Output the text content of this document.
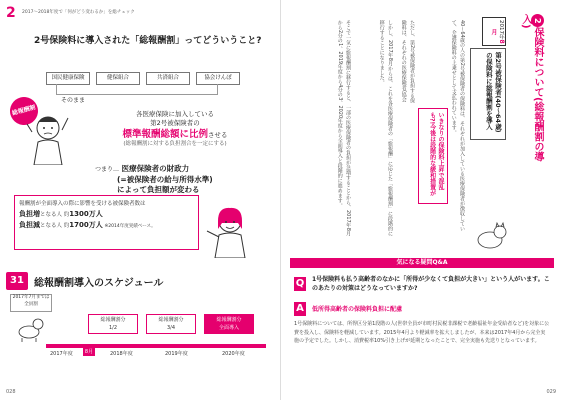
2 2017～2018年度で「何がどう変わるか」を総チェック
2号保険料に導入された「総報酬割」ってどういうこと?
国民健康保険	健保組合	共済組合	協会けんぽ
そのまま
総報酬割	各医療保険に加入している
第2号被保険者の
標準報酬総額に比例させる
(総報酬割に対する負担割合を一定にする)
つまり… 医療保険者の財政力
(=被保険者の給与所得水準)
によって負担額が変わる
報酬割が全面導入の際に影響を受ける被保険者数は
負担増となる人 約1300万人
負担減となる人 約1700万人 ※2014年度実績ベース。
31	総報酬割導入のスケジュール
2017年7月までは全員割
総報酬割分
1/2
総報酬割分
3/4
総報酬割分
全面導入
8月
2017年度	2018年度	2019年度	2020年度
028
2保険料について(総報酬割の導入)
2017年8月
第2号被保険者(40〜64歳)の保険料に総報酬割を導入
40〜64歳の人の第2号被保険者の保険料は、それぞれが加入している医療保険者が徴収していて、介護保険料の上乗せとして支払われています。
ただし、第2号被保険者が負担する保険料は、それぞれの医療保険者(協会
いきなりの保険料上昇で混乱も?!今後は段階的な緩和措置が
しかし、2017年8月からは、これを各医療保険者の「総報酬」に応じた「総報酬割」に段階的に移行することになりました。
そこで一気に総報酬割に移行すると、一部の医療保険者の負担が急増することから、2017年8月から2分の1、2019年度から4分の3、2020年度から全面導入と段階的に進めます。
気になる疑問Q&A
Q 1号保険料も払う高齢者のなかに「所得が少なくて負担が大きい」という人がいます。このあたりの対策はどうなっていますか?
A	低所得高齢者の保険料負担に配慮
1号保険料については、所得区分第1段階の人(世帯全員が市町村民税非課税で老齢福祉年金受給者など)を対象に公費を投入し、保険料を軽減しています。2015年4月より軽減率を拡大しましたが、本来は2017年4月から完全実施の予定でした。しかし、消費税率10%引き上げが延期となったことで、完全実施も先送りとなっています。
029
